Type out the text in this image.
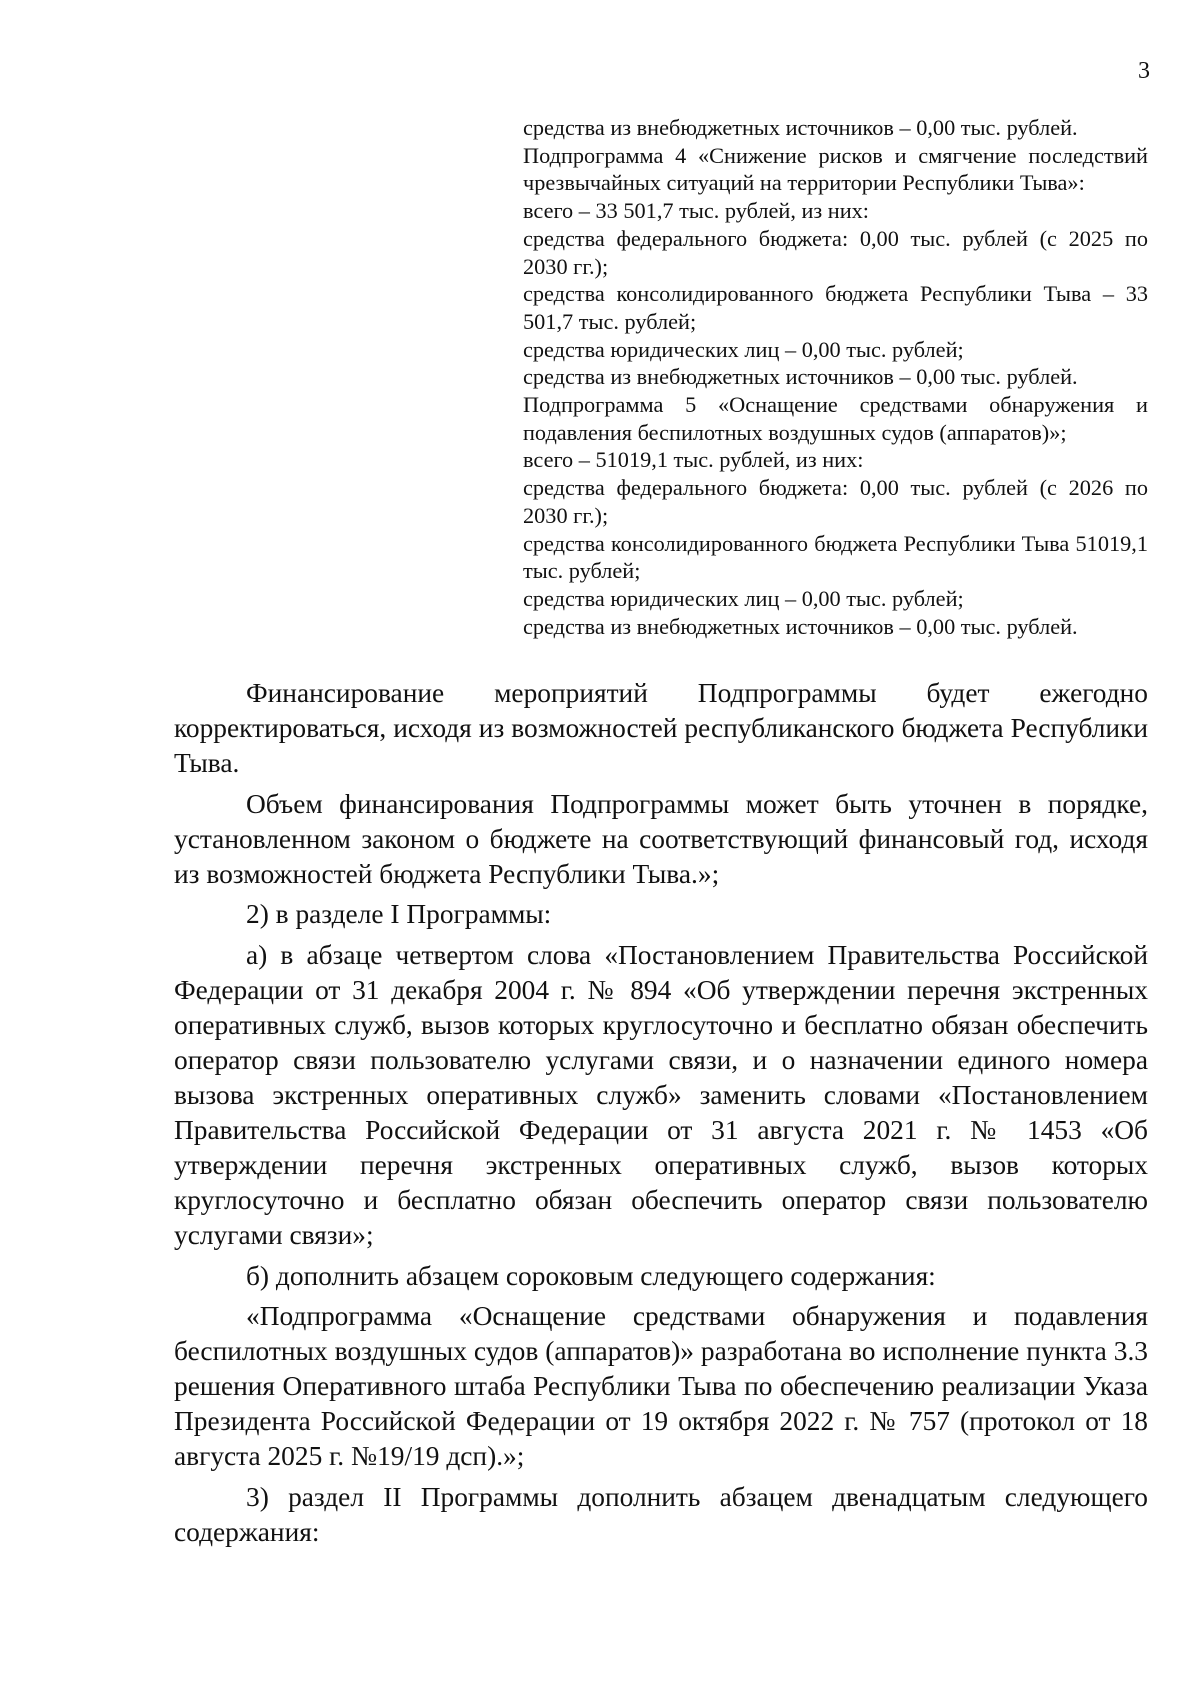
3

средства из внебюджетных источников – 0,00 тыс. рублей.

Подпрограмма 4 «Снижение рисков и смягчение последствий чрезвычайных ситуаций на территории Республики Тыва»:

всего – 33 501,7 тыс. рублей, из них:

средства федерального бюджета: 0,00 тыс. рублей (с 2025 по 2030 гг.);

средства консолидированного бюджета Республики Тыва – 33 501,7 тыс. рублей;

средства юридических лиц – 0,00 тыс. рублей;

средства из внебюджетных источников – 0,00 тыс. рублей.

Подпрограмма 5 «Оснащение средствами обнаружения и подавления беспилотных воздушных судов (аппаратов)»;

всего – 51019,1 тыс. рублей, из них:

средства федерального бюджета: 0,00 тыс. рублей (с 2026 по 2030 гг.);

средства консолидированного бюджета Республики Тыва 51019,1 тыс. рублей;

средства юридических лиц – 0,00 тыс. рублей;

средства из внебюджетных источников – 0,00 тыс. рублей.

Финансирование мероприятий Подпрограммы будет ежегодно корректироваться, исходя из возможностей республиканского бюджета Республики Тыва.

Объем финансирования Подпрограммы может быть уточнен в порядке, установленном законом о бюджете на соответствующий финансовый год, исходя из возможностей бюджета Республики Тыва.»;

2) в разделе I Программы:

а) в абзаце четвертом слова «Постановлением Правительства Российской Федерации от 31 декабря 2004 г. № 894 «Об утверждении перечня экстренных оперативных служб, вызов которых круглосуточно и бесплатно обязан обеспечить оператор связи пользователю услугами связи, и о назначении единого номера вызова экстренных оперативных служб» заменить словами «Постановлением Правительства Российской Федерации от 31 августа 2021 г. № 1453 «Об утверждении перечня экстренных оперативных служб, вызов которых круглосуточно и бесплатно обязан обеспечить оператор связи пользователю услугами связи»;

б) дополнить абзацем сороковым следующего содержания:

«Подпрограмма «Оснащение средствами обнаружения и подавления беспилотных воздушных судов (аппаратов)» разработана во исполнение пункта 3.3 решения Оперативного штаба Республики Тыва по обеспечению реализации Указа Президента Российской Федерации от 19 октября 2022 г. № 757 (протокол от 18 августа 2025 г. №19/19 дсп).»;

3) раздел II Программы дополнить абзацем двенадцатым следующего содержания:
